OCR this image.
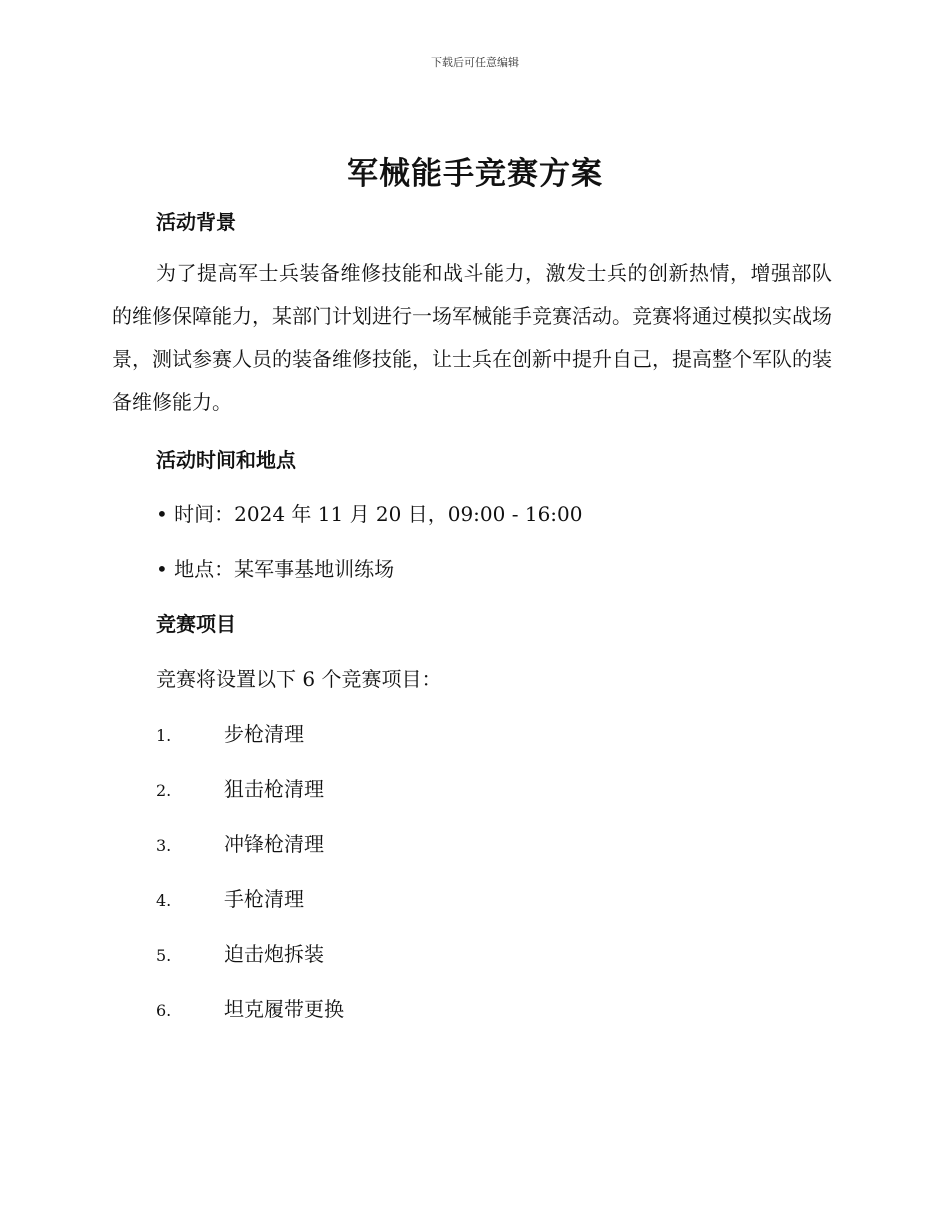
下载后可任意编辑
军械能手竞赛方案
活动背景
为了提高军士兵装备维修技能和战斗能力，激发士兵的创新热情，增强部队的维修保障能力，某部门计划进行一场军械能手竞赛活动。竞赛将通过模拟实战场景，测试参赛人员的装备维修技能，让士兵在创新中提升自己，提高整个军队的装备维修能力。
活动时间和地点
• 时间：2024 年 11 月 20 日，09:00 - 16:00
• 地点：某军事基地训练场
竞赛项目
竞赛将设置以下 6 个竞赛项目：
1.	步枪清理
2.	狙击枪清理
3.	冲锋枪清理
4.	手枪清理
5.	迫击炮拆装
6.	坦克履带更换
